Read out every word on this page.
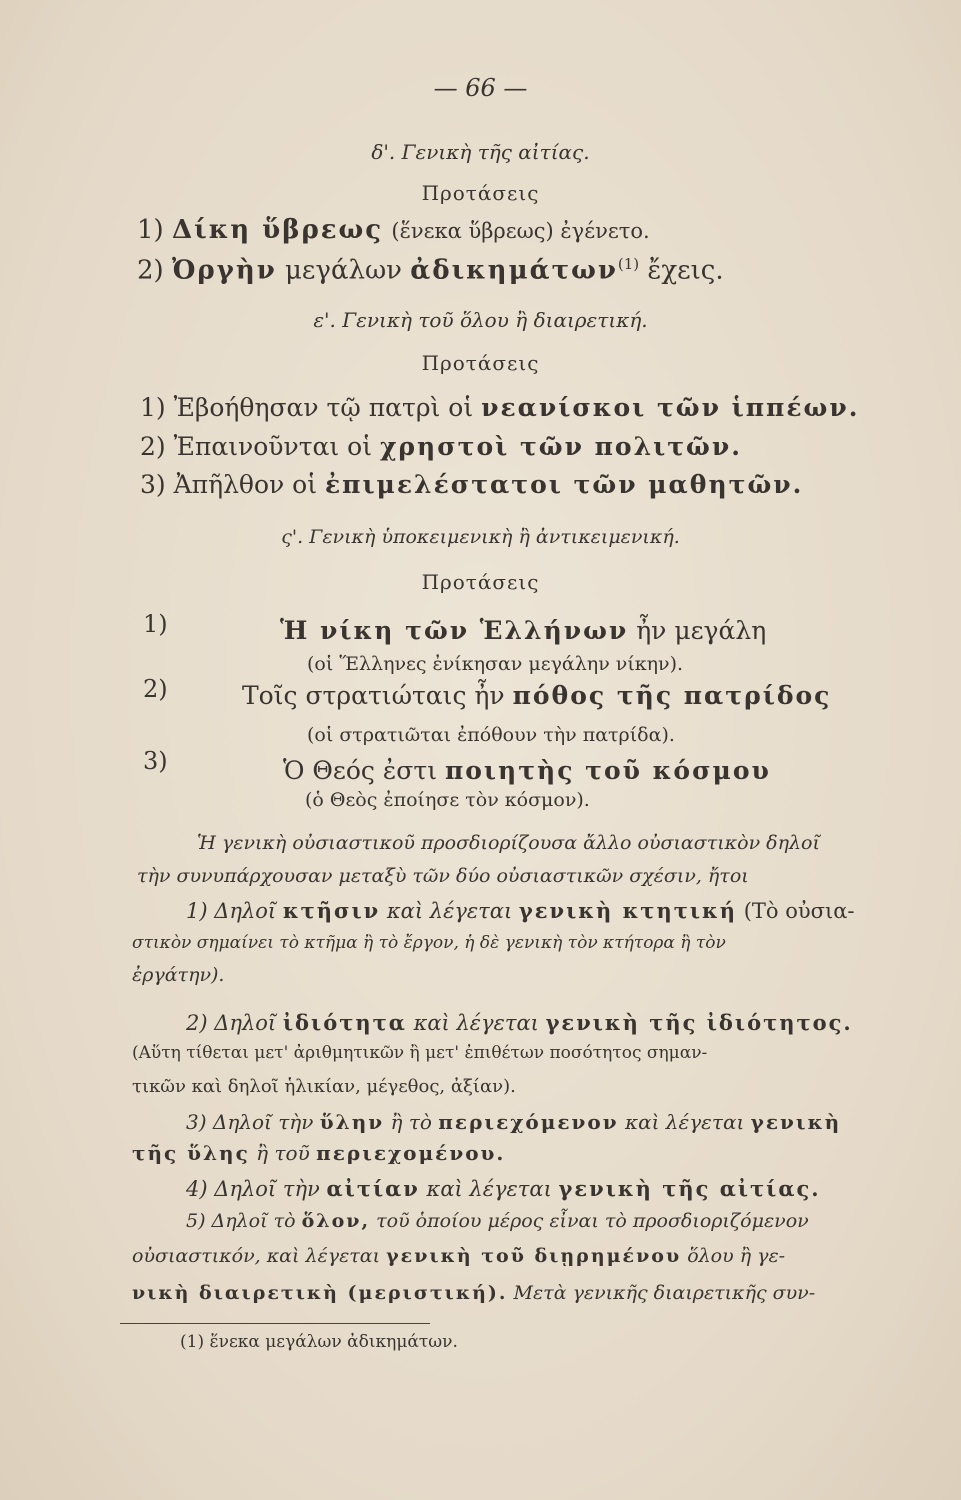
— 66 —
δ'. Γενικὴ τῆς αἰτίας.
Προτάσεις
1) Δίκη ὕβρεως (ἕνεκα ὕβρεως) ἐγένετο.
2) Ὀργὴν μεγάλων ἀδικημάτων$^{(1)}$ ἔχεις.
ε'. Γενικὴ τοῦ ὅλου ἢ διαιρετική.
Προτάσεις
1) Ἐβοήθησαν τῷ πατρὶ οἱ νεανίσκοι τῶν ἱππέων.
2) Ἐπαινοῦνται οἱ χρηστοὶ τῶν πολιτῶν.
3) Ἀπῆλθον οἱ ἐπιμελέστατοι τῶν μαθητῶν.
ς'. Γενικὴ ὑποκειμενικὴ ἢ ἀντικειμενική.
Προτάσεις
1)	Ἡ νίκη τῶν Ἑλλήνων ἦν μεγάλη
(οἱ Ἕλληνες ἐνίκησαν μεγάλην νίκην).
2)	Τοῖς στρατιώταις ἦν πόθος τῆς πατρίδος
(οἱ στρατιῶται ἐπόθουν τὴν πατρίδα).
3)	Ὁ Θεός ἐστι ποιητὴς τοῦ κόσμου
(ὁ Θεὸς ἐποίησε τὸν κόσμον).
Ἡ γενικὴ οὐσιαστικοῦ προσδιορίζουσα ἄλλο οὐσιαστικὸν δηλοῖ
τὴν συνυπάρχουσαν μεταξὺ τῶν δύο οὐσιαστικῶν σχέσιν, ἤτοι
1) Δηλοῖ κτῆσιν καὶ λέγεται γενικὴ κτητική (Τὸ οὐσια-
στικὸν σημαίνει τὸ κτῆμα ἢ τὸ ἔργον, ἡ δὲ γενικὴ τὸν κτήτορα ἢ τὸν
ἐργάτην).
2) Δηλοῖ ἰδιότητα καὶ λέγεται γενικὴ τῆς ἰδιότητος.
(Αὕτη τίθεται μετ' ἀριθμητικῶν ἢ μετ' ἐπιθέτων ποσότητος σημαν-
τικῶν καὶ δηλοῖ ἡλικίαν, μέγεθος, ἀξίαν).
3) Δηλοῖ τὴν ὕλην ἢ τὸ περιεχόμενον καὶ λέγεται γενικὴ
τῆς ὕλης ἢ τοῦ περιεχομένου.
4) Δηλοῖ τὴν αἰτίαν καὶ λέγεται γενικὴ τῆς αἰτίας.
5) Δηλοῖ τὸ ὅλον, τοῦ ὁποίου μέρος εἶναι τὸ προσδιοριζόμενον
οὐσιαστικόν, καὶ λέγεται γενικὴ τοῦ διῃρημένου ὅλου ἢ γε-
νικὴ διαιρετικὴ (μεριστική). Μετὰ γενικῆς διαιρετικῆς συν-
(1) ἕνεκα μεγάλων ἀδικημάτων.
